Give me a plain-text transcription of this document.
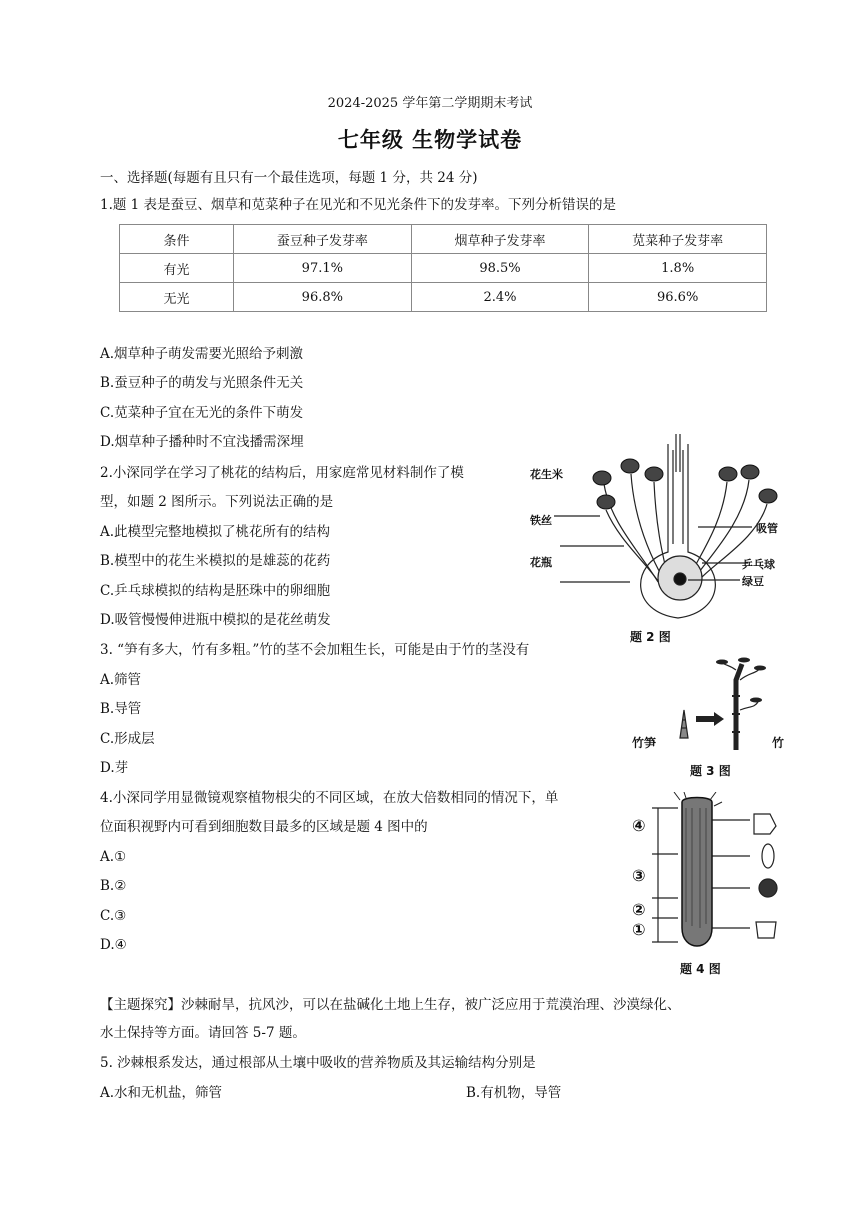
2024-2025 学年第二学期期末考试
七年级 生物学试卷
一、选择题(每题有且只有一个最佳选项，每题 1 分，共 24 分)
1.题 1 表是蚕豆、烟草和苋菜种子在见光和不见光条件下的发芽率。下列分析错误的是
条件	蚕豆种子发芽率	烟草种子发芽率	苋菜种子发芽率
有光	97.1%	98.5%	1.8%
无光	96.8%	2.4%	96.6%
A.烟草种子萌发需要光照给予刺激
B.蚕豆种子的萌发与光照条件无关
C.苋菜种子宜在无光的条件下萌发
D.烟草种子播种时不宜浅播需深埋
2.小深同学在学习了桃花的结构后，用家庭常见材料制作了模
型，如题 2 图所示。下列说法正确的是
A.此模型完整地模拟了桃花所有的结构
B.模型中的花生米模拟的是雄蕊的花药
C.乒乓球模拟的结构是胚珠中的卵细胞
D.吸管慢慢伸进瓶中模拟的是花丝萌发
花生米
铁丝
花瓶
吸管
乒乓球
绿豆
题 2 图
3. “笋有多大，竹有多粗。”竹的茎不会加粗生长，可能是由于竹的茎没有
A.筛管
B.导管
C.形成层
D.芽
竹笋	竹
题 3 图
4.小深同学用显微镜观察植物根尖的不同区域，在放大倍数相同的情况下，单
位面积视野内可看到细胞数目最多的区域是题 4 图中的
A.①
B.②
C.③
D.④
④
③
②
①
题 4 图
【主题探究】沙棘耐旱，抗风沙，可以在盐碱化土地上生存，被广泛应用于荒漠治理、沙漠绿化、
水土保持等方面。请回答 5-7 题。
5. 沙棘根系发达，通过根部从土壤中吸收的营养物质及其运输结构分别是
A.水和无机盐，筛管	B.有机物，导管
